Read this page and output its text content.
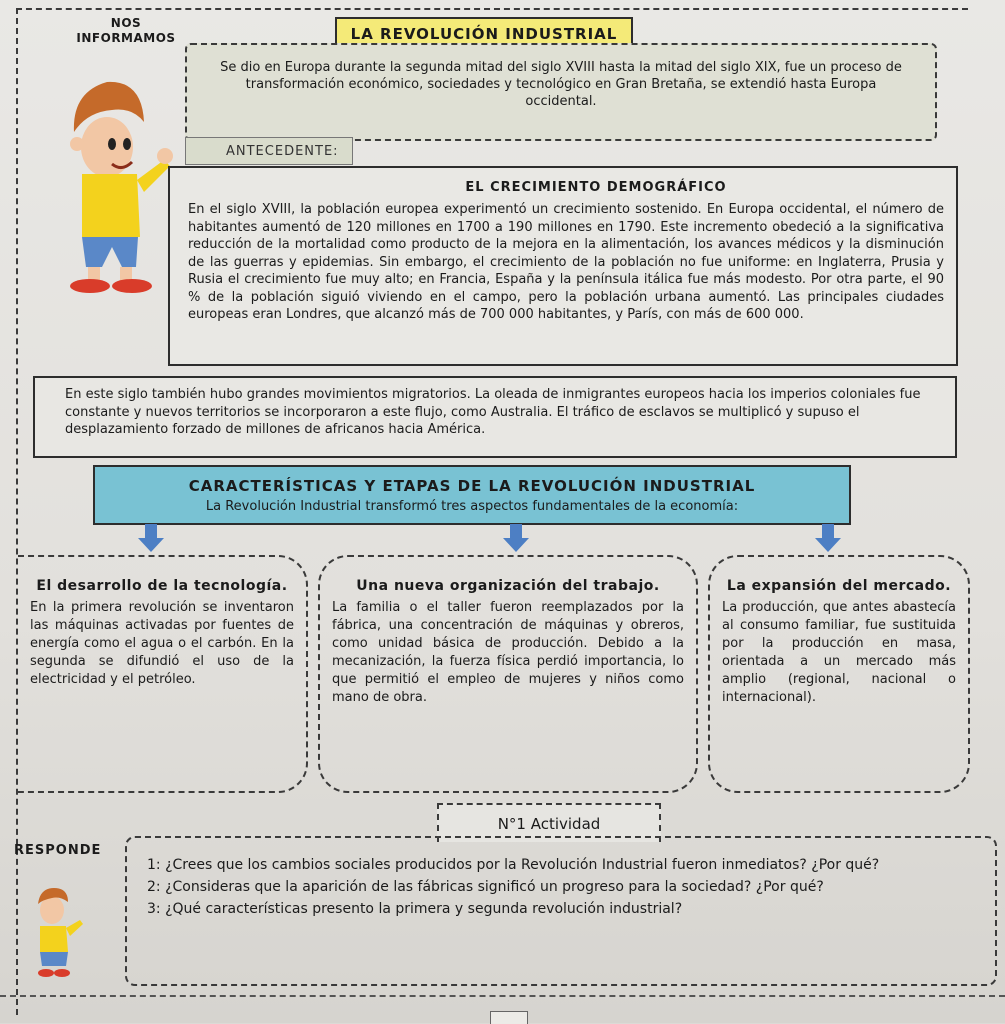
NOS INFORMAMOS	LA REVOLUCIÓN INDUSTRIAL
Se dio en Europa durante la segunda mitad del siglo XVIII hasta la mitad del siglo XIX, fue un proceso de transformación económico, sociedades y tecnológico en Gran Bretaña, se extendió hasta Europa occidental.
ANTECEDENTE:
EL CRECIMIENTO DEMOGRÁFICO
En el siglo XVIII, la población europea experimentó un crecimiento sostenido. En Europa occidental, el número de habitantes aumentó de 120 millones en 1700 a 190 millones en 1790. Este incremento obedeció a la significativa reducción de la mortalidad como producto de la mejora en la alimentación, los avances médicos y la disminución de las guerras y epidemias. Sin embargo, el crecimiento de la población no fue uniforme: en Inglaterra, Prusia y Rusia el crecimiento fue muy alto; en Francia, España y la península itálica fue más modesto. Por otra parte, el 90 % de la población siguió viviendo en el campo, pero la población urbana aumentó. Las principales ciudades europeas eran Londres, que alcanzó más de 700 000 habitantes, y París, con más de 600 000.
En este siglo también hubo grandes movimientos migratorios. La oleada de inmigrantes europeos hacia los imperios coloniales fue constante y nuevos territorios se incorporaron a este flujo, como Australia. El tráfico de esclavos se multiplicó y supuso el desplazamiento forzado de millones de africanos hacia América.
CARACTERÍSTICAS Y ETAPAS DE LA REVOLUCIÓN INDUSTRIAL
La Revolución Industrial transformó tres aspectos fundamentales de la economía:
El desarrollo de la tecnología.

En la primera revolución se inventaron las máquinas activadas por fuentes de energía como el agua o el carbón. En la segunda se difundió el uso de la electricidad y el petróleo.

Una nueva organización del trabajo.

La familia o el taller fueron reemplazados por la fábrica, una concentración de máquinas y obreros, como unidad básica de producción. Debido a la mecanización, la fuerza física perdió importancia, lo que permitió el empleo de mujeres y niños como mano de obra.

La expansión del mercado.

La producción, que antes abastecía al consumo familiar, fue sustituida por la producción en masa, orientada a un mercado más amplio (regional, nacional o internacional).

N°1 Actividad
RESPONDE
1: ¿Crees que los cambios sociales producidos por la Revolución Industrial fueron inmediatos? ¿Por qué?
2: ¿Consideras que la aparición de las fábricas significó un progreso para la sociedad? ¿Por qué?
3: ¿Qué características presento la primera y segunda revolución industrial?
